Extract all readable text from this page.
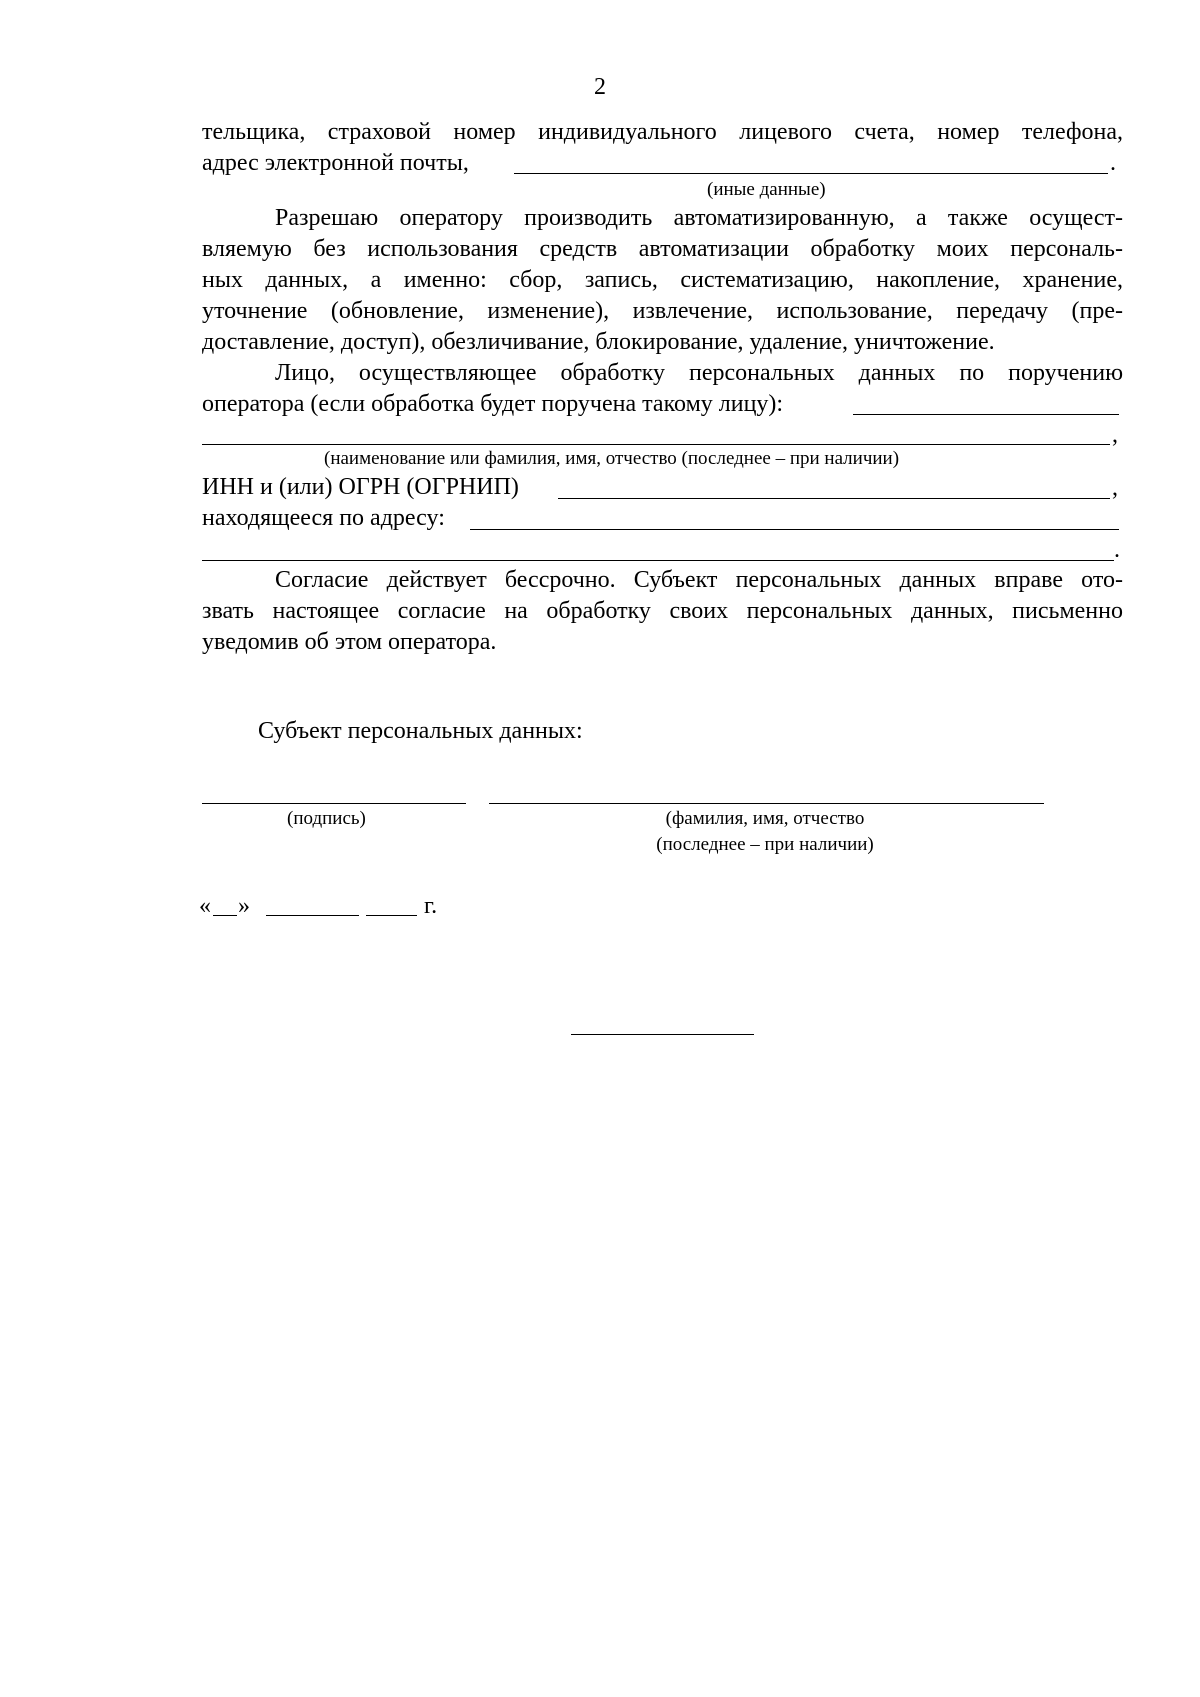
2
тельщика, страховой номер индивидуального лицевого счета, номер телефона,
адрес электронной почты,	.
(иные данные)
Разрешаю оператору производить автоматизированную, а также осущест-
вляемую без использования средств автоматизации обработку моих персональ-
ных данных, а именно: сбор, запись, систематизацию, накопление, хранение,
уточнение (обновление, изменение), извлечение, использование, передачу (пре-
доставление, доступ), обезличивание, блокирование, удаление, уничтожение.
Лицо, осуществляющее обработку персональных данных по поручению
оператора (если обработка будет поручена такому лицу):
,
(наименование или фамилия, имя, отчество (последнее – при наличии)
ИНН и (или) ОГРН (ОГРНИП)	,
находящееся по адресу:
.
Согласие действует бессрочно. Субъект персональных данных вправе ото-
звать настоящее согласие на обработку своих персональных данных, письменно
уведомив об этом оператора.
Субъект персональных данных:
(подпись)	(фамилия, имя, отчество
(последнее – при наличии)
« »	г.
